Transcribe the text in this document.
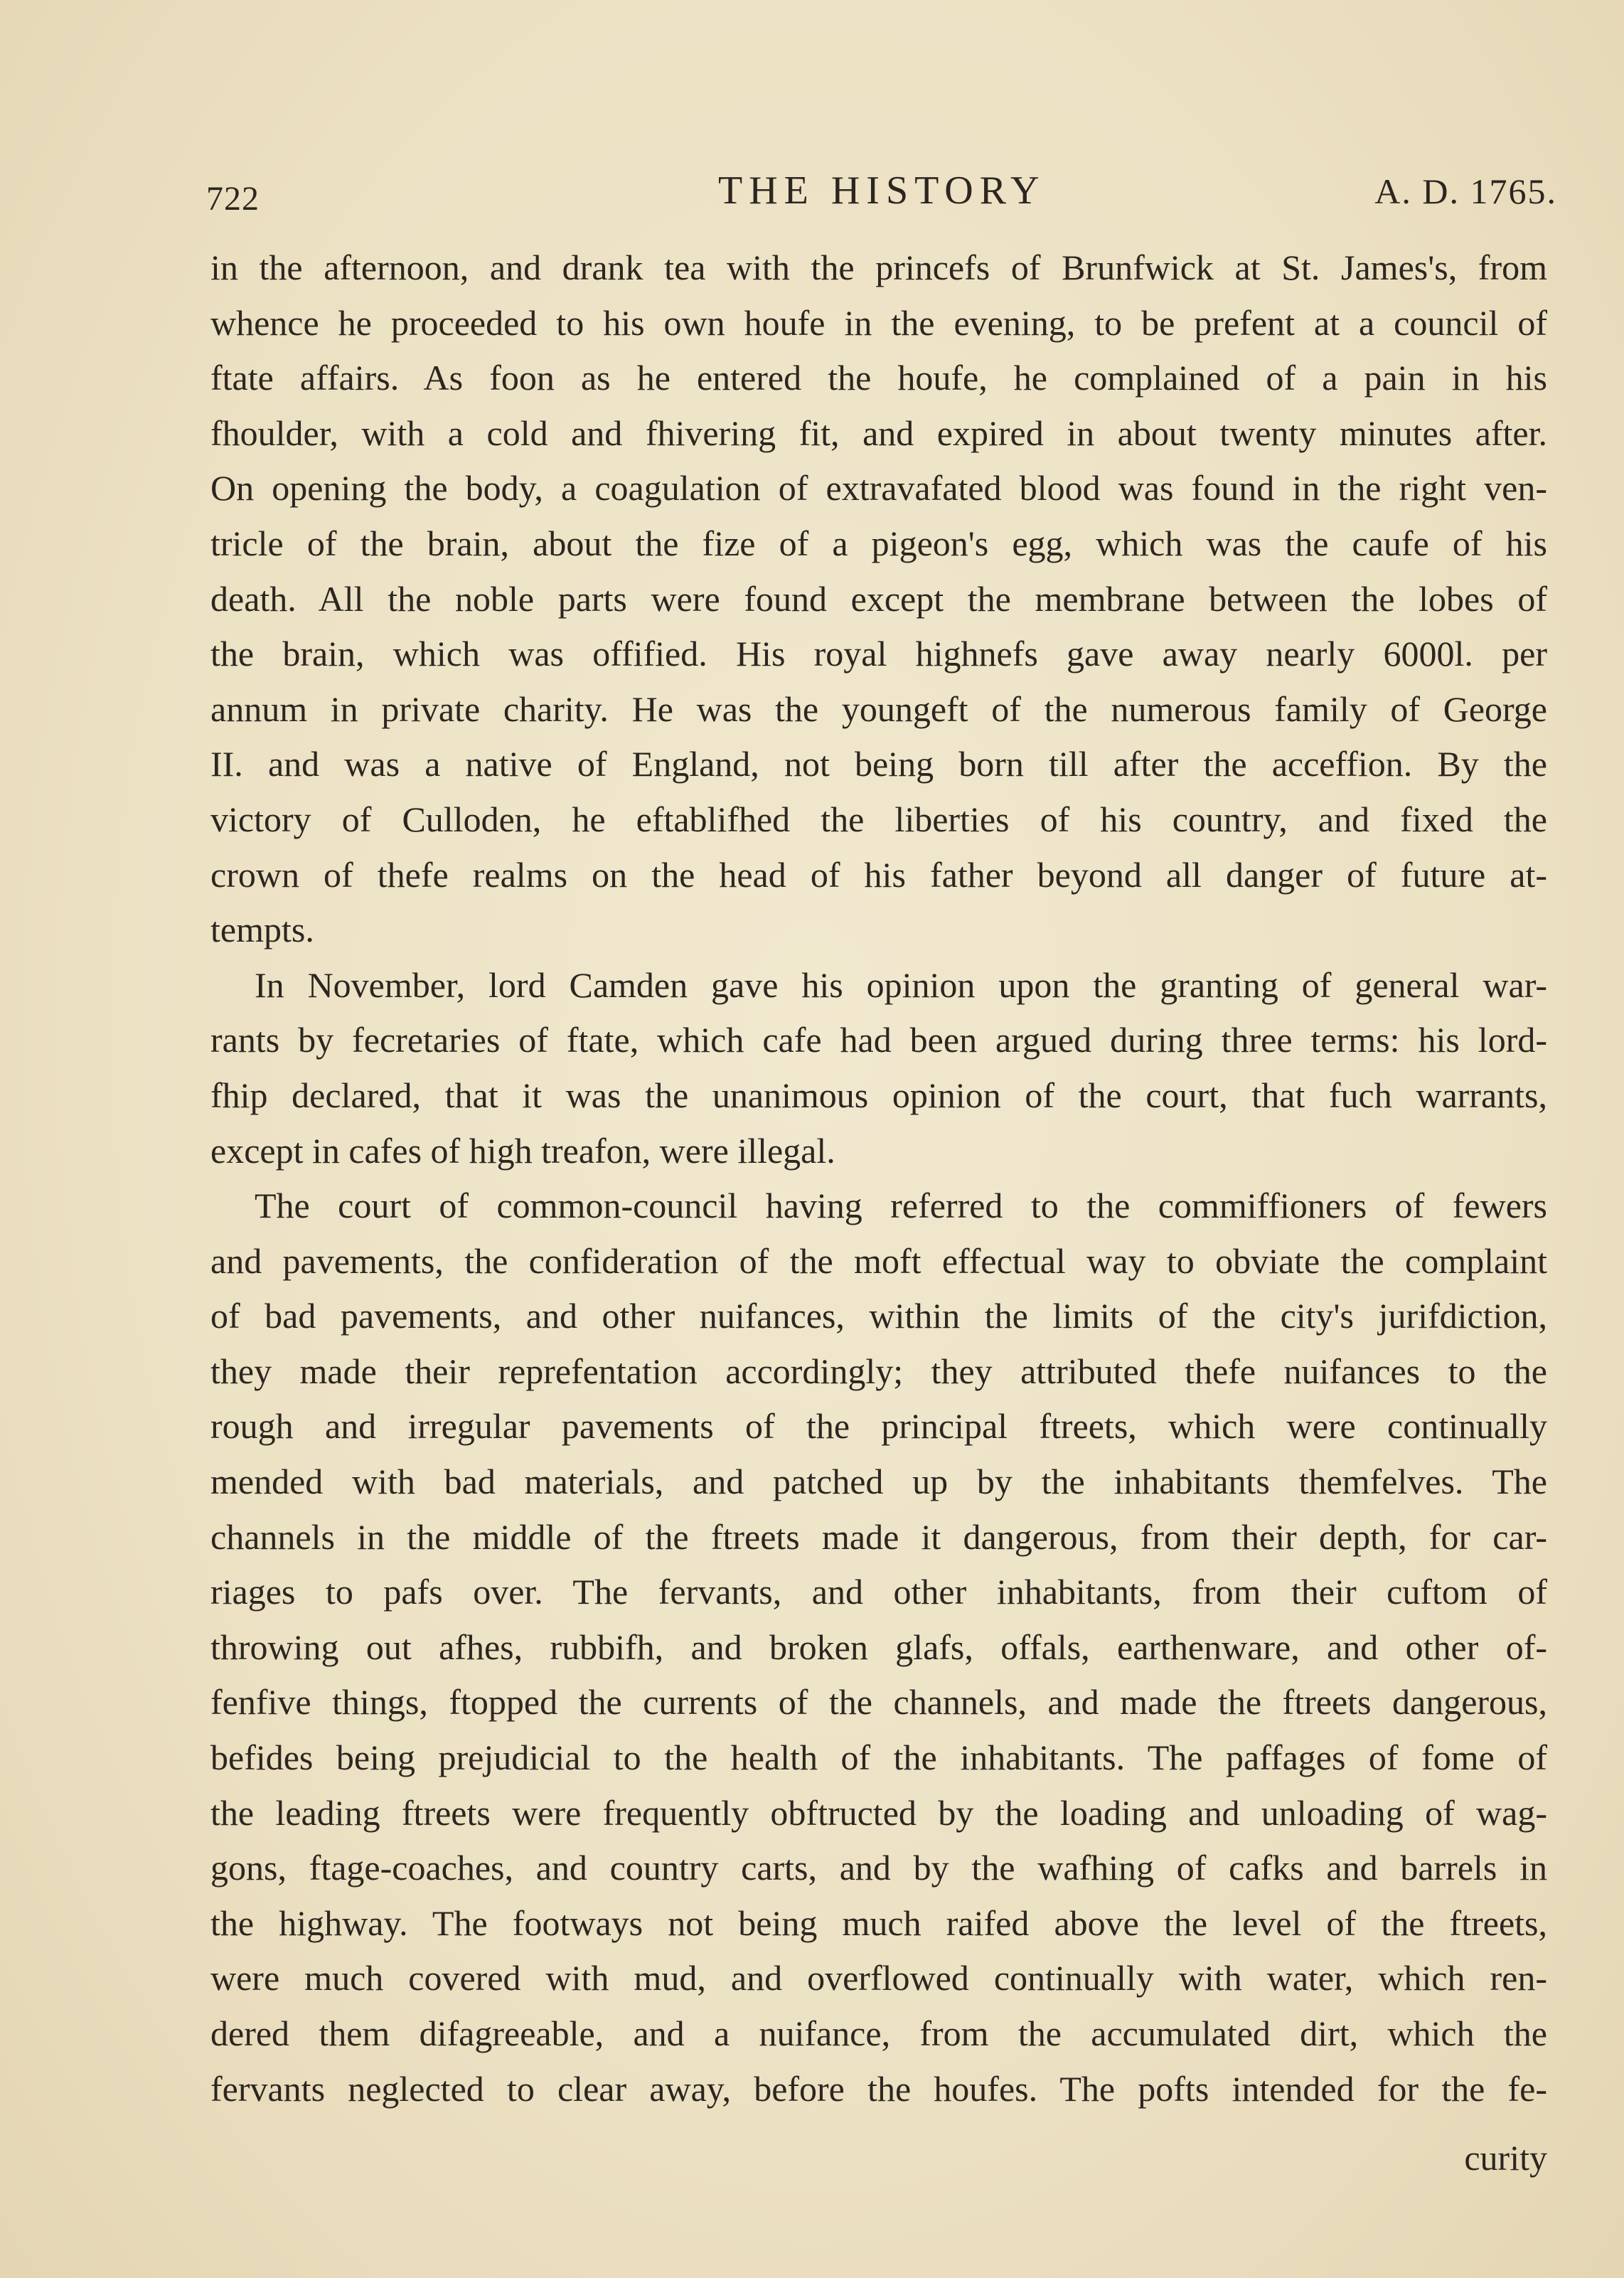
722	THE HISTORY	A. D. 1765.
in the afternoon, and drank tea with the princefs of Brunfwick at St. James's, from
whence he proceeded to his own houfe in the evening, to be prefent at a council of
ftate affairs. As foon as he entered the houfe, he complained of a pain in his
fhoulder, with a cold and fhivering fit, and expired in about twenty minutes after.
On opening the body, a coagulation of extravafated blood was found in the right ven-
tricle of the brain, about the fize of a pigeon's egg, which was the caufe of his
death. All the noble parts were found except the membrane between the lobes of
the brain, which was offified. His royal highnefs gave away nearly 6000l. per
annum in private charity. He was the youngeft of the numerous family of George
II. and was a native of England, not being born till after the acceffion. By the
victory of Culloden, he eftablifhed the liberties of his country, and fixed the
crown of thefe realms on the head of his father beyond all danger of future at-
tempts.
In November, lord Camden gave his opinion upon the granting of general war-
rants by fecretaries of ftate, which cafe had been argued during three terms: his lord-
fhip declared, that it was the unanimous opinion of the court, that fuch warrants,
except in cafes of high treafon, were illegal.
The court of common-council having referred to the commiffioners of fewers
and pavements, the confideration of the moft effectual way to obviate the complaint
of bad pavements, and other nuifances, within the limits of the city's jurifdiction,
they made their reprefentation accordingly; they attributed thefe nuifances to the
rough and irregular pavements of the principal ftreets, which were continually
mended with bad materials, and patched up by the inhabitants themfelves. The
channels in the middle of the ftreets made it dangerous, from their depth, for car-
riages to pafs over. The fervants, and other inhabitants, from their cuftom of
throwing out afhes, rubbifh, and broken glafs, offals, earthenware, and other of-
fenfive things, ftopped the currents of the channels, and made the ftreets dangerous,
befides being prejudicial to the health of the inhabitants. The paffages of fome of
the leading ftreets were frequently obftructed by the loading and unloading of wag-
gons, ftage-coaches, and country carts, and by the wafhing of cafks and barrels in
the highway. The footways not being much raifed above the level of the ftreets,
were much covered with mud, and overflowed continually with water, which ren-
dered them difagreeable, and a nuifance, from the accumulated dirt, which the
fervants neglected to clear away, before the houfes. The pofts intended for the fe-
curity
